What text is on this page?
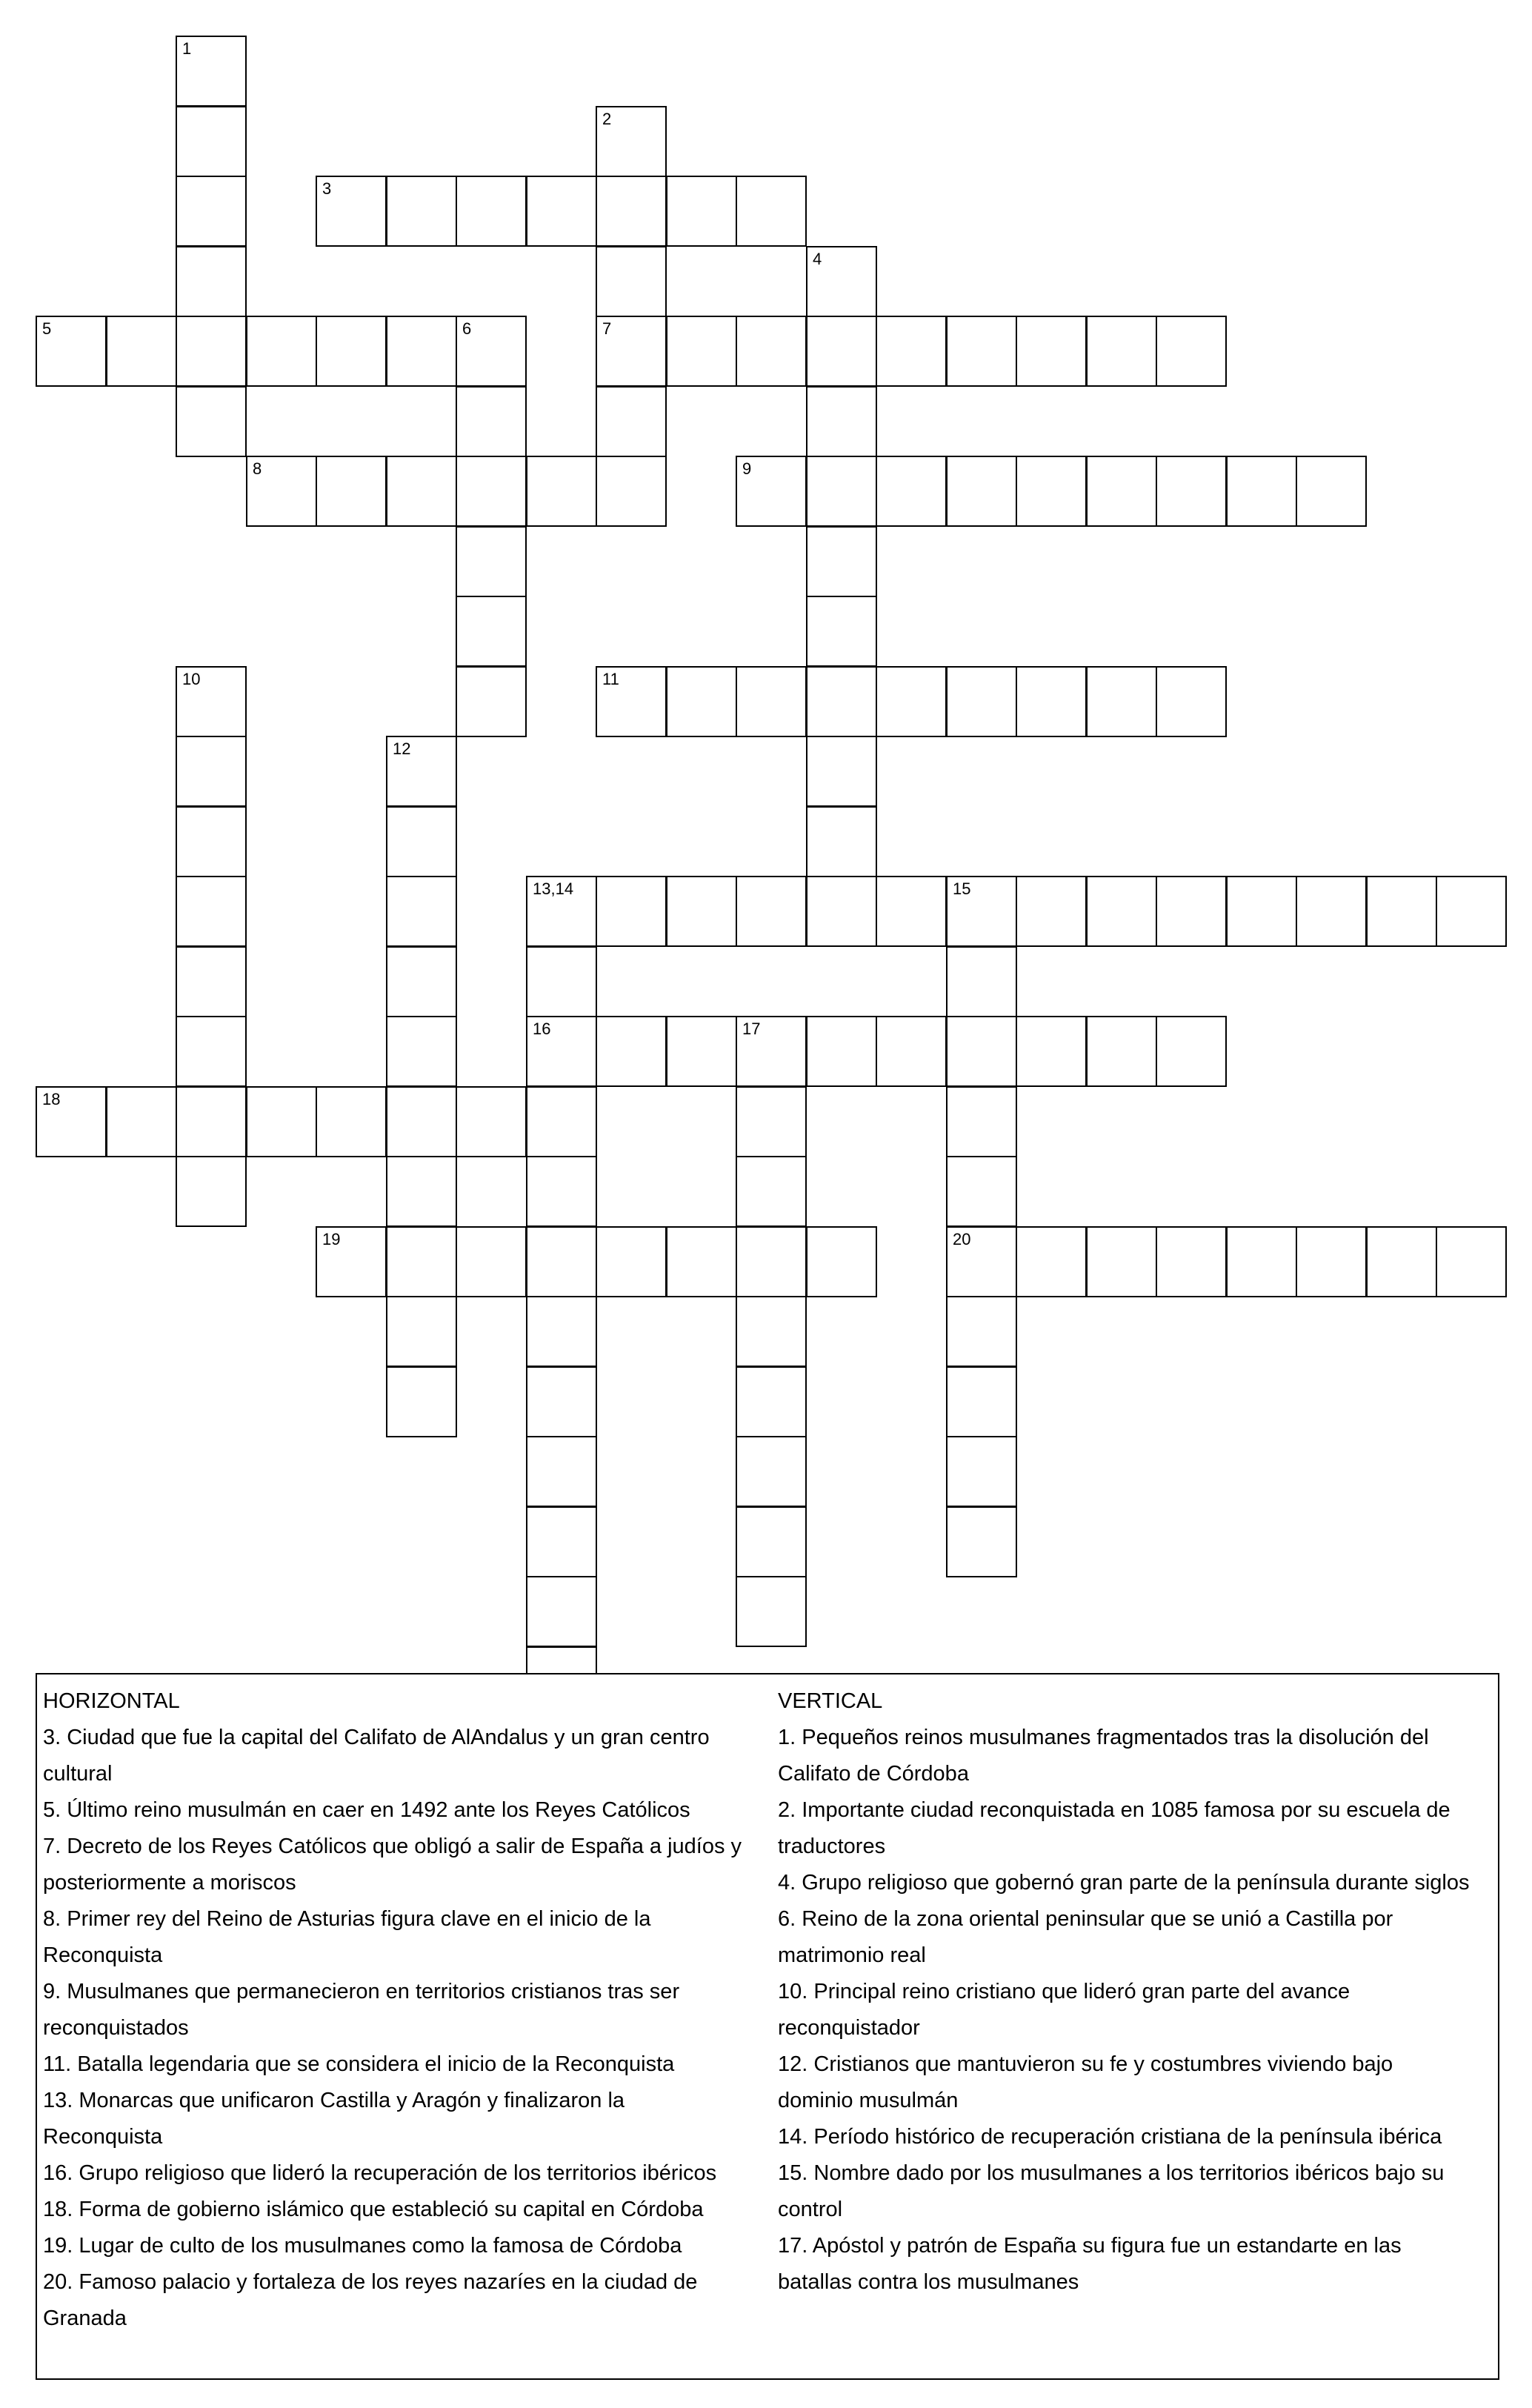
1
2
7
3
4
5	6
8	9
10	11
12
13,14	15
16
20
17
18
19
HORIZONTAL
3. Ciudad que fue la capital del Califato de AlAndalus y un gran centro
cultural
5. Último reino musulmán en caer en 1492 ante los Reyes Católicos
7. Decreto de los Reyes Católicos que obligó a salir de España a judíos y
posteriormente a moriscos
8. Primer rey del Reino de Asturias figura clave en el inicio de la
Reconquista
9. Musulmanes que permanecieron en territorios cristianos tras ser
reconquistados
11. Batalla legendaria que se considera el inicio de la Reconquista
13. Monarcas que unificaron Castilla y Aragón y finalizaron la
Reconquista
16. Grupo religioso que lideró la recuperación de los territorios ibéricos
18. Forma de gobierno islámico que estableció su capital en Córdoba
19. Lugar de culto de los musulmanes como la famosa de Córdoba
20. Famoso palacio y fortaleza de los reyes nazaríes en la ciudad de
Granada
VERTICAL
1. Pequeños reinos musulmanes fragmentados tras la disolución del
Califato de Córdoba
2. Importante ciudad reconquistada en 1085 famosa por su escuela de
traductores
4. Grupo religioso que gobernó gran parte de la península durante siglos
6. Reino de la zona oriental peninsular que se unió a Castilla por
matrimonio real
10. Principal reino cristiano que lideró gran parte del avance
reconquistador
12. Cristianos que mantuvieron su fe y costumbres viviendo bajo
dominio musulmán
14. Período histórico de recuperación cristiana de la península ibérica
15. Nombre dado por los musulmanes a los territorios ibéricos bajo su
control
17. Apóstol y patrón de España su figura fue un estandarte en las
batallas contra los musulmanes
